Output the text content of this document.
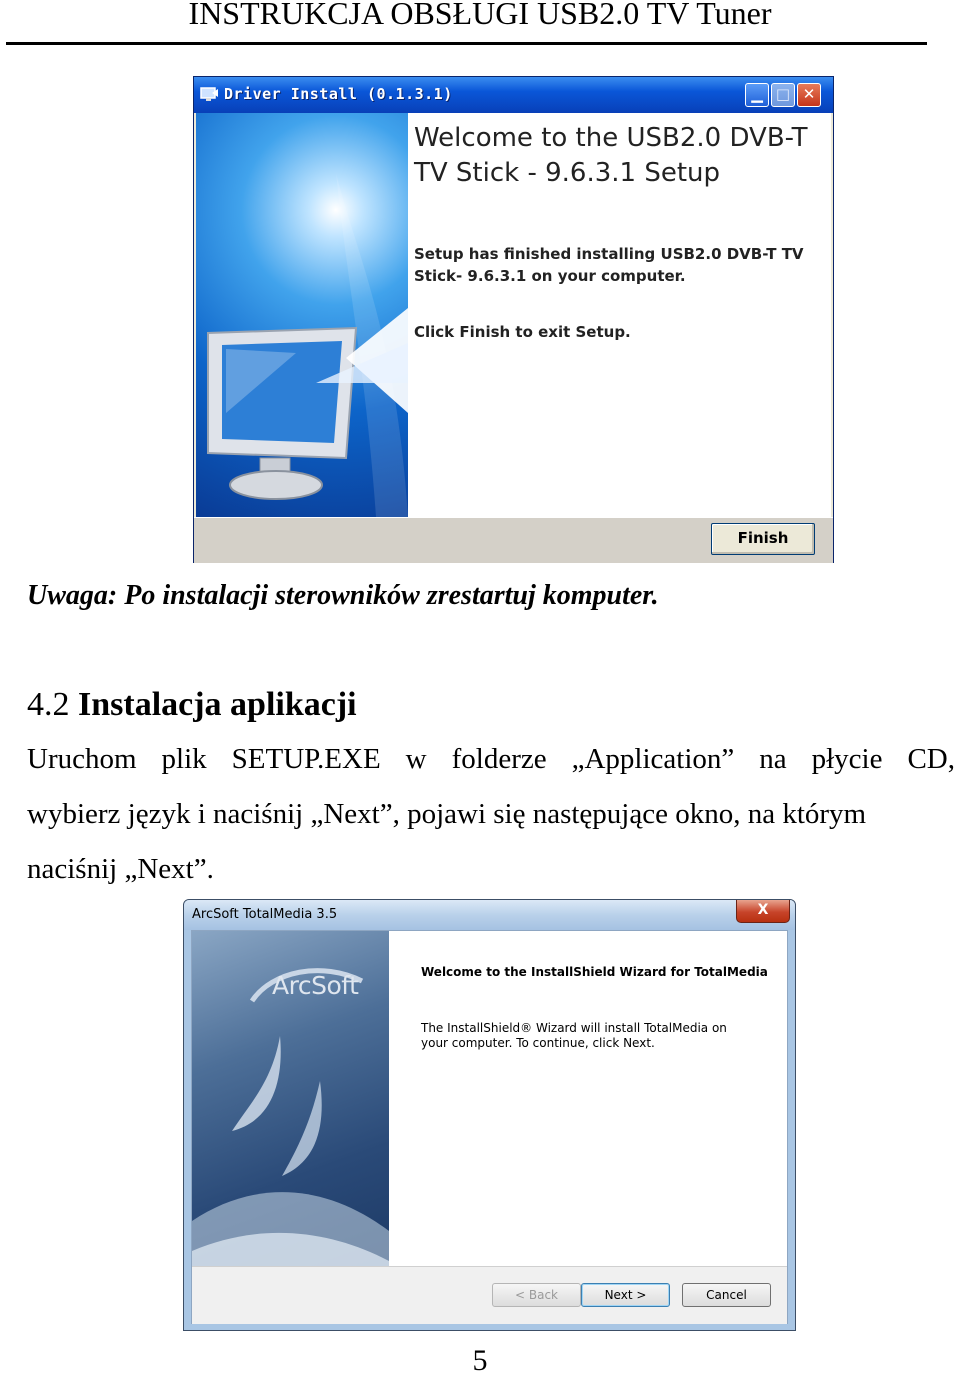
INSTRUKCJA OBSŁUGI USB2.0 TV Tuner
Driver Install (0.1.3.1)	▁ □ ✕
Welcome to the USB2.0 DVB-T TV Stick - 9.6.3.1 Setup
Setup has finished installing USB2.0 DVB-T TV Stick- 9.6.3.1 on your computer.
Click Finish to exit Setup.
Finish
Uwaga: Po instalacji sterowników zrestartuj komputer.
4.2 Instalacja aplikacji
Uruchom plik SETUP.EXE w folderze „Application” na płycie CD,
wybierz język i naciśnij „Next”, pojawi się następujące okno, na którym
naciśnij „Next”.
ArcSoft TotalMedia 3.5	X
ArcSoft	Welcome to the InstallShield Wizard for TotalMedia
The InstallShield® Wizard will install TotalMedia on your computer. To continue, click Next.
< Back	Next >	Cancel
5
